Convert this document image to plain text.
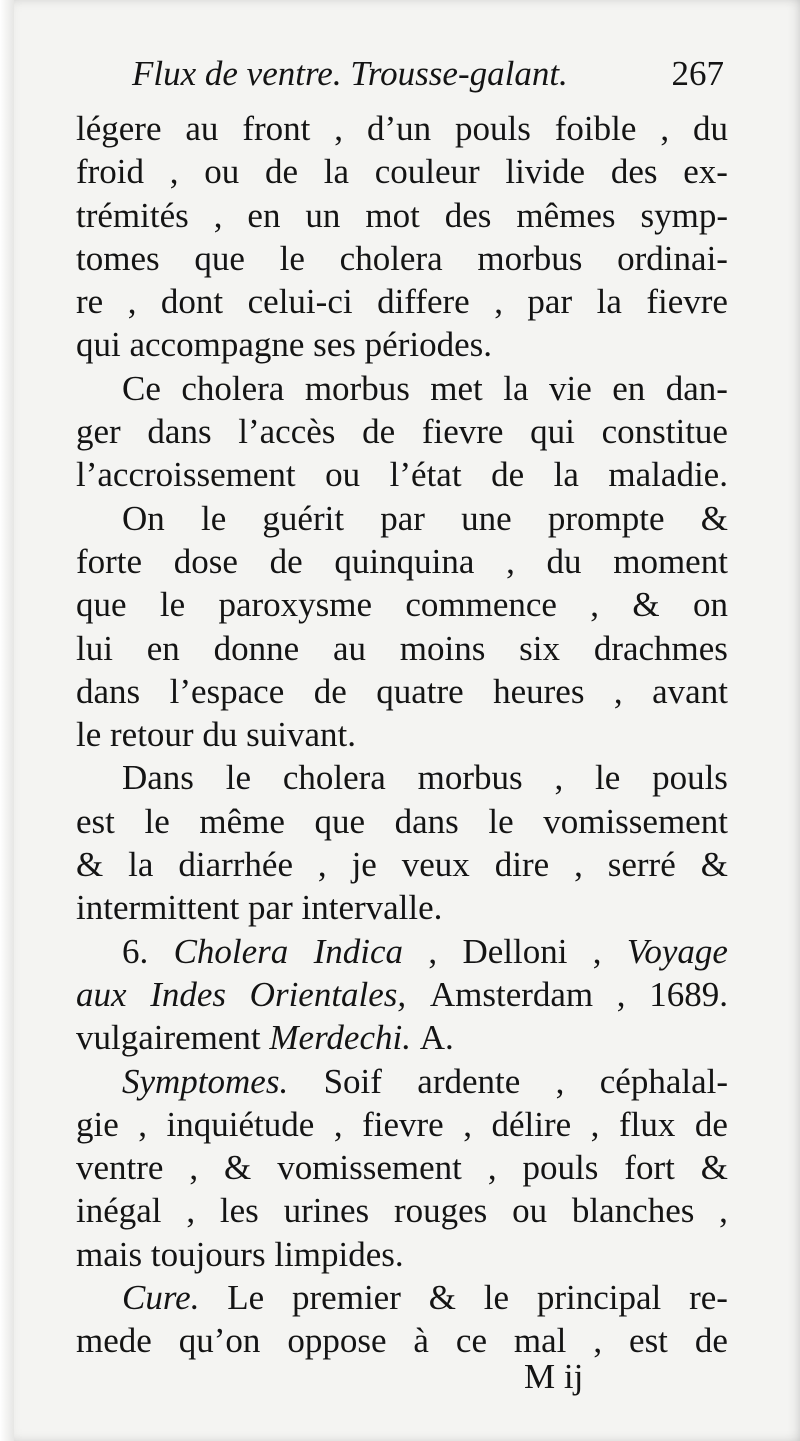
Flux de ventre. Trousse-galant.	267
légere au front , d’un pouls foible , du
froid , ou de la couleur livide des ex-
trémités , en un mot des mêmes symp-
tomes que le cholera morbus ordinai-
re , dont celui-ci differe , par la fievre
qui
accompagne
ses
périodes.
Ce cholera morbus met la vie en dan-
ger dans l’accès de fievre qui constitue
l’accroissement ou l’état de la maladie.
On le guérit par une prompte &
forte dose de quinquina , du moment
que le paroxysme commence , & on
lui en donne au moins six drachmes
dans l’espace de quatre heures , avant
le
retour
du
suivant.
Dans le cholera morbus , le pouls
est le même que dans le vomissement
& la diarrhée , je veux dire , serré &
intermittent
par
intervalle.
6. Cholera Indica , Delloni , Voyage
aux Indes Orientales, Amsterdam , 1689.
vulgairement
Merdechi.
A.
Symptomes. Soif ardente , céphalal-
gie , inquiétude , fievre , délire , flux de
ventre , & vomissement , pouls fort &
inégal , les urines rouges ou blanches ,
mais
toujours
limpides.
Cure. Le premier & le principal re-
mede qu’on oppose à ce mal , est de
M ij
